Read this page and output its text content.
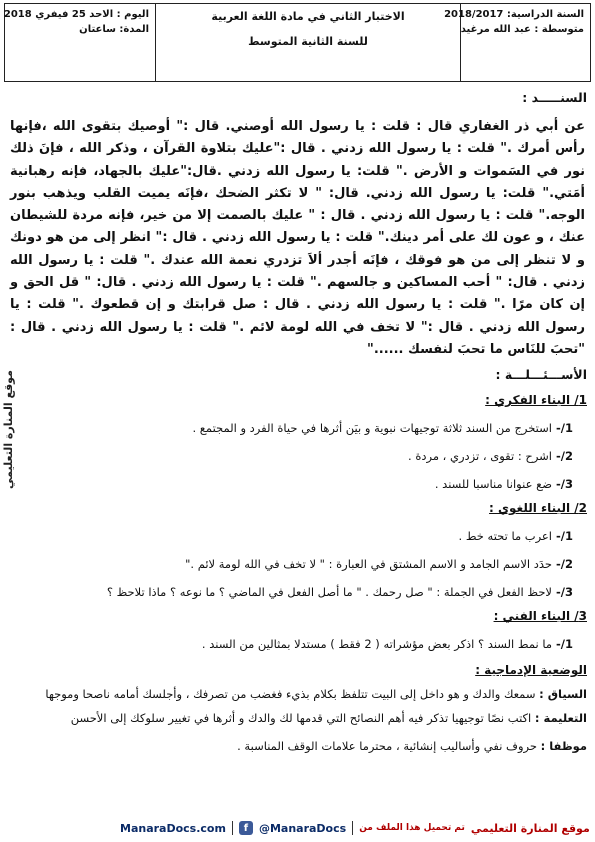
السنة الدراسية: 2018/2017
متوسطة : عبد الله مرغيد
الاختبار الثاني في مادة اللغة العربية
للسنة الثانية المتوسط
اليوم : الاحد 25 فيفري 2018
المدة: ساعتان
موقع المنارة التعليمي
السنـــــد :
عن أبي ذر الغفاري قال : قلت : يا رسول الله أوصني. قال :" أوصيك بتقوى الله ،فإنها رأس أمرك ." قلت : يا رسول الله زدني . قال :"عليك بتلاوة القرآن ، وذكر الله ، فإنَ ذلك نور في السَموات و الأرض ." قلت: يا رسول الله زدني .قال:"عليك بالجهاد، فإنه رهبانية أمَتي." قلت: يا رسول الله زدني. قال: " لا تكثر الضحك ،فإنَه يميت القلب ويذهب بنور الوجه." قلت : يا رسول الله زدني . قال : " عليك بالصمت إلا من خير، فإنه مردة للشيطان عنك ، و عون لك على أمر دينك." قلت : يا رسول الله زدني . قال :" انظر إلى من هو دونك و لا تنظر إلى من هو فوقك ، فإنَه أجدر ألاَ تزدري نعمة الله عندك ." قلت : يا رسول الله زدني . قال: " أحب المساكين و جالسهم ." قلت : يا رسول الله زدني . قال: " قل الحق و إن كان مرًا ." قلت : يا رسول الله زدني . قال : صل قرابتك و إن قطعوك ." قلت : يا رسول الله زدني . قال :" لا تخف في الله لومة لائم ." قلت : يا رسول الله زدني . قال : "تحبَ للنَاس ما تحبَ لنفسك ......"
الأســـئـــلـــة :
1/ البناء الفكري :
1/-استخرج من السند ثلاثة توجيهات نبوية و بيَن أثرها في حياة الفرد و المجتمع .
2/-اشرح : تقوى ، تزدري ، مردة .
3/-ضع عنوانا مناسبا للسند .
2/ البناء اللغوي :
1/-اعرب ما تحته خط .
2/-حدَد الاسم الجامد و الاسم المشتق في العبارة : " لا تخف في الله لومة لائم ."
3/-لاحظ الفعل في الجملة : " صل رحمك . " ما أصل الفعل في الماضي ؟ ما نوعه ؟ ماذا تلاحظ ؟
3/ البناء الفني :
1/-ما نمط السند ؟ اذكر بعض مؤشراته ( 2 فقط ) مستدلا بمثالين من السند .
الوضعية الإدماجية :
السياق : سمعك والدك و هو داخل إلى البيت تتلفظ بكلام بذيء فغضب من تصرفك ، وأجلسك أمامه ناصحا وموجها
التعليمة : اكتب نصًا توجيهيا تذكر فيه أهم النصائح التي قدمها لك والدك و أثرها في تغيير سلوكك إلى الأحسن
موظفا : حروف نفي وأساليب إنشائية ، محترما علامات الوقف المناسبة .
ManaraDocs.com	f @ManaraDocs تم تحميل هذا الملف من موقع المنارة التعليمي
